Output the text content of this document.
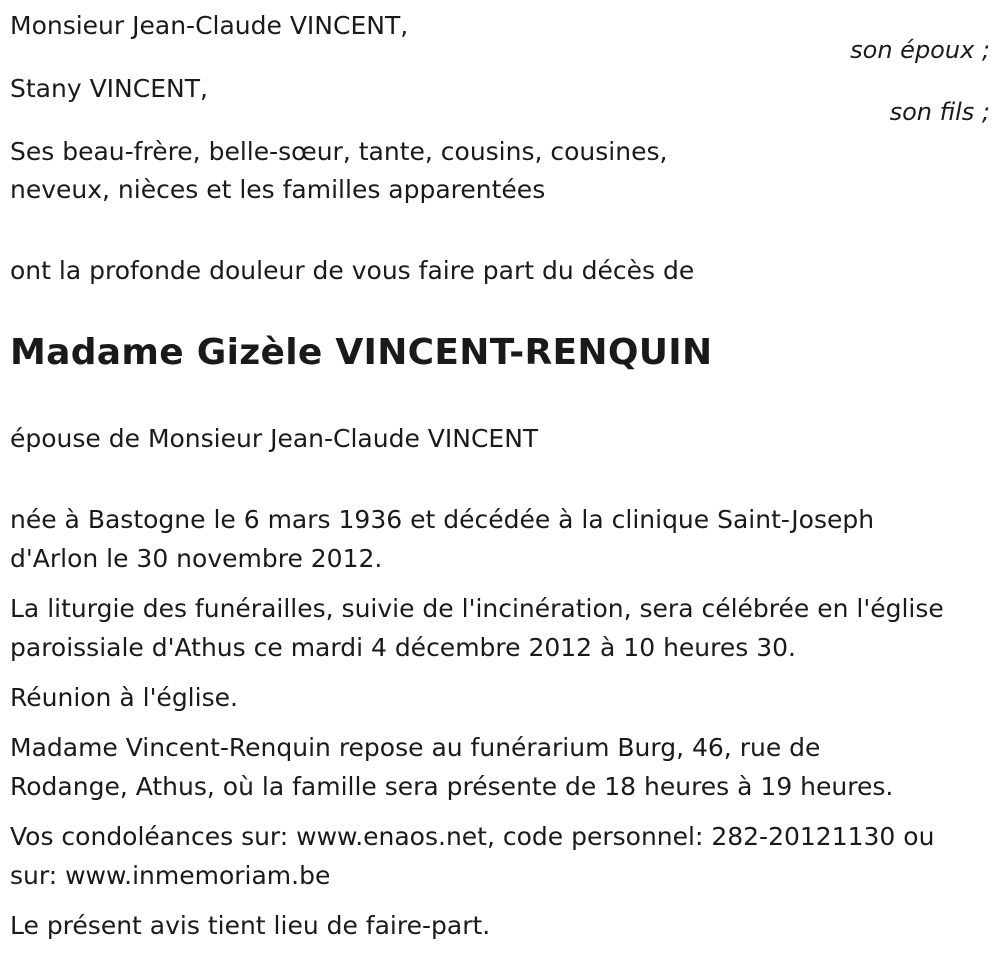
Monsieur Jean-Claude VINCENT,
son époux ;
Stany VINCENT,
son fils ;
Ses beau-frère, belle-sœur, tante, cousins, cousines,
neveux, nièces et les familles apparentées
ont la profonde douleur de vous faire part du décès de
Madame Gizèle VINCENT-RENQUIN
épouse de Monsieur Jean-Claude VINCENT
née à Bastogne le 6 mars 1936 et décédée à la clinique Saint-Joseph
d'Arlon le 30 novembre 2012.
La liturgie des funérailles, suivie de l'incinération, sera célébrée en l'église
paroissiale d'Athus ce mardi 4 décembre 2012 à 10 heures 30.
Réunion à l'église.
Madame Vincent-Renquin repose au funérarium Burg, 46, rue de
Rodange, Athus, où la famille sera présente de 18 heures à 19 heures.
Vos condoléances sur: www.enaos.net, code personnel: 282-20121130 ou
sur: www.inmemoriam.be
Le présent avis tient lieu de faire-part.
